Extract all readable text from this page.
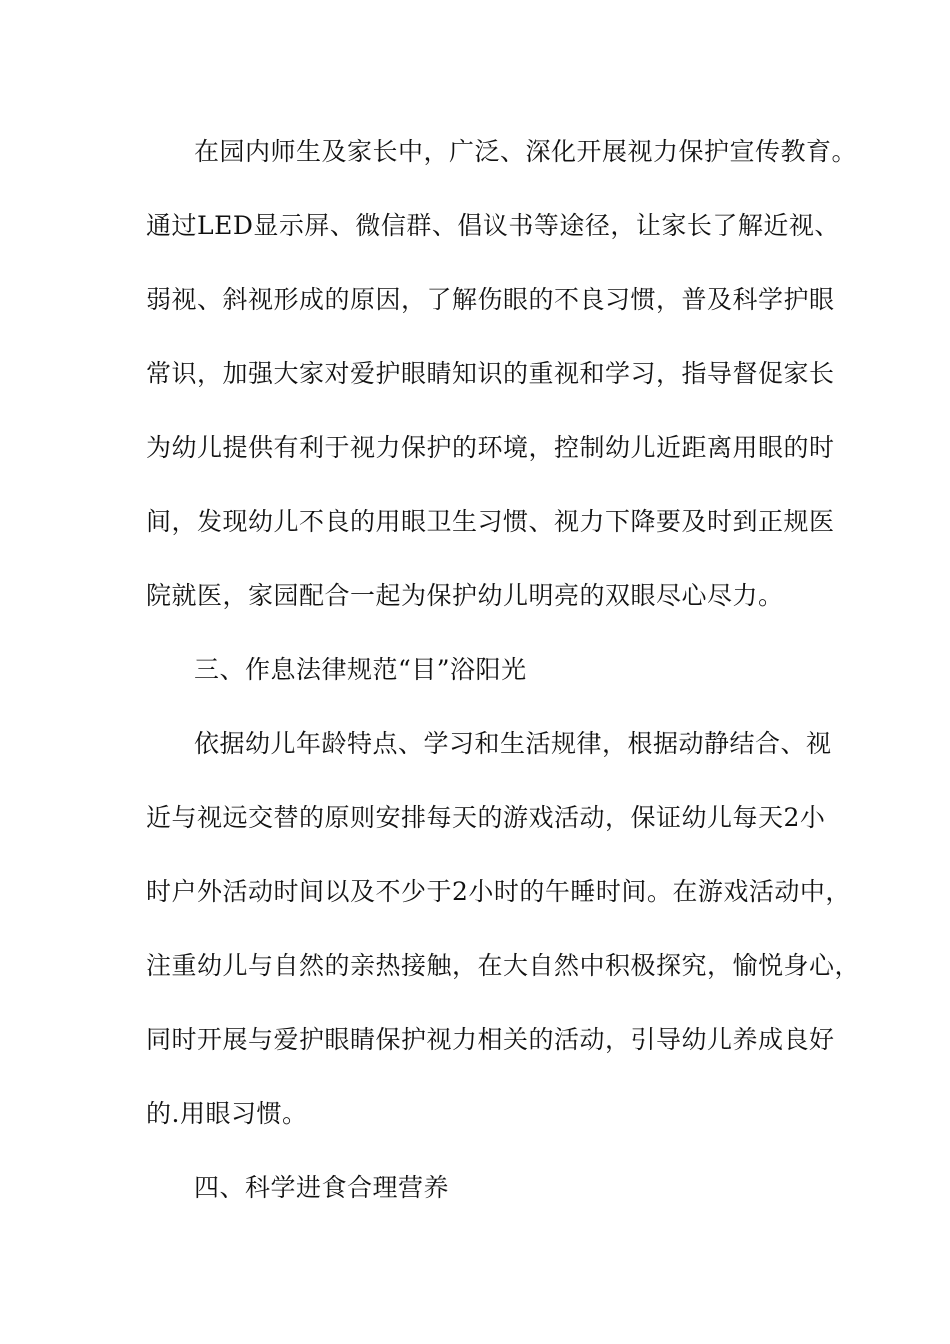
在园内师生及家长中，广泛、深化开展视力保护宣传教育。
通过LED显示屏、微信群、倡议书等途径，让家长了解近视、
弱视、斜视形成的原因，了解伤眼的不良习惯，普及科学护眼
常识，加强大家对爱护眼睛知识的重视和学习，指导督促家长
为幼儿提供有利于视力保护的环境，控制幼儿近距离用眼的时
间，发现幼儿不良的用眼卫生习惯、视力下降要及时到正规医
院就医，家园配合一起为保护幼儿明亮的双眼尽心尽力。
三、作息法律规范“目”浴阳光
依据幼儿年龄特点、学习和生活规律，根据动静结合、视
近与视远交替的原则安排每天的游戏活动，保证幼儿每天2小
时户外活动时间以及不少于2小时的午睡时间。在游戏活动中，
注重幼儿与自然的亲热接触，在大自然中积极探究，愉悦身心，
同时开展与爱护眼睛保护视力相关的活动，引导幼儿养成良好
的.用眼习惯。
四、科学进食合理营养
